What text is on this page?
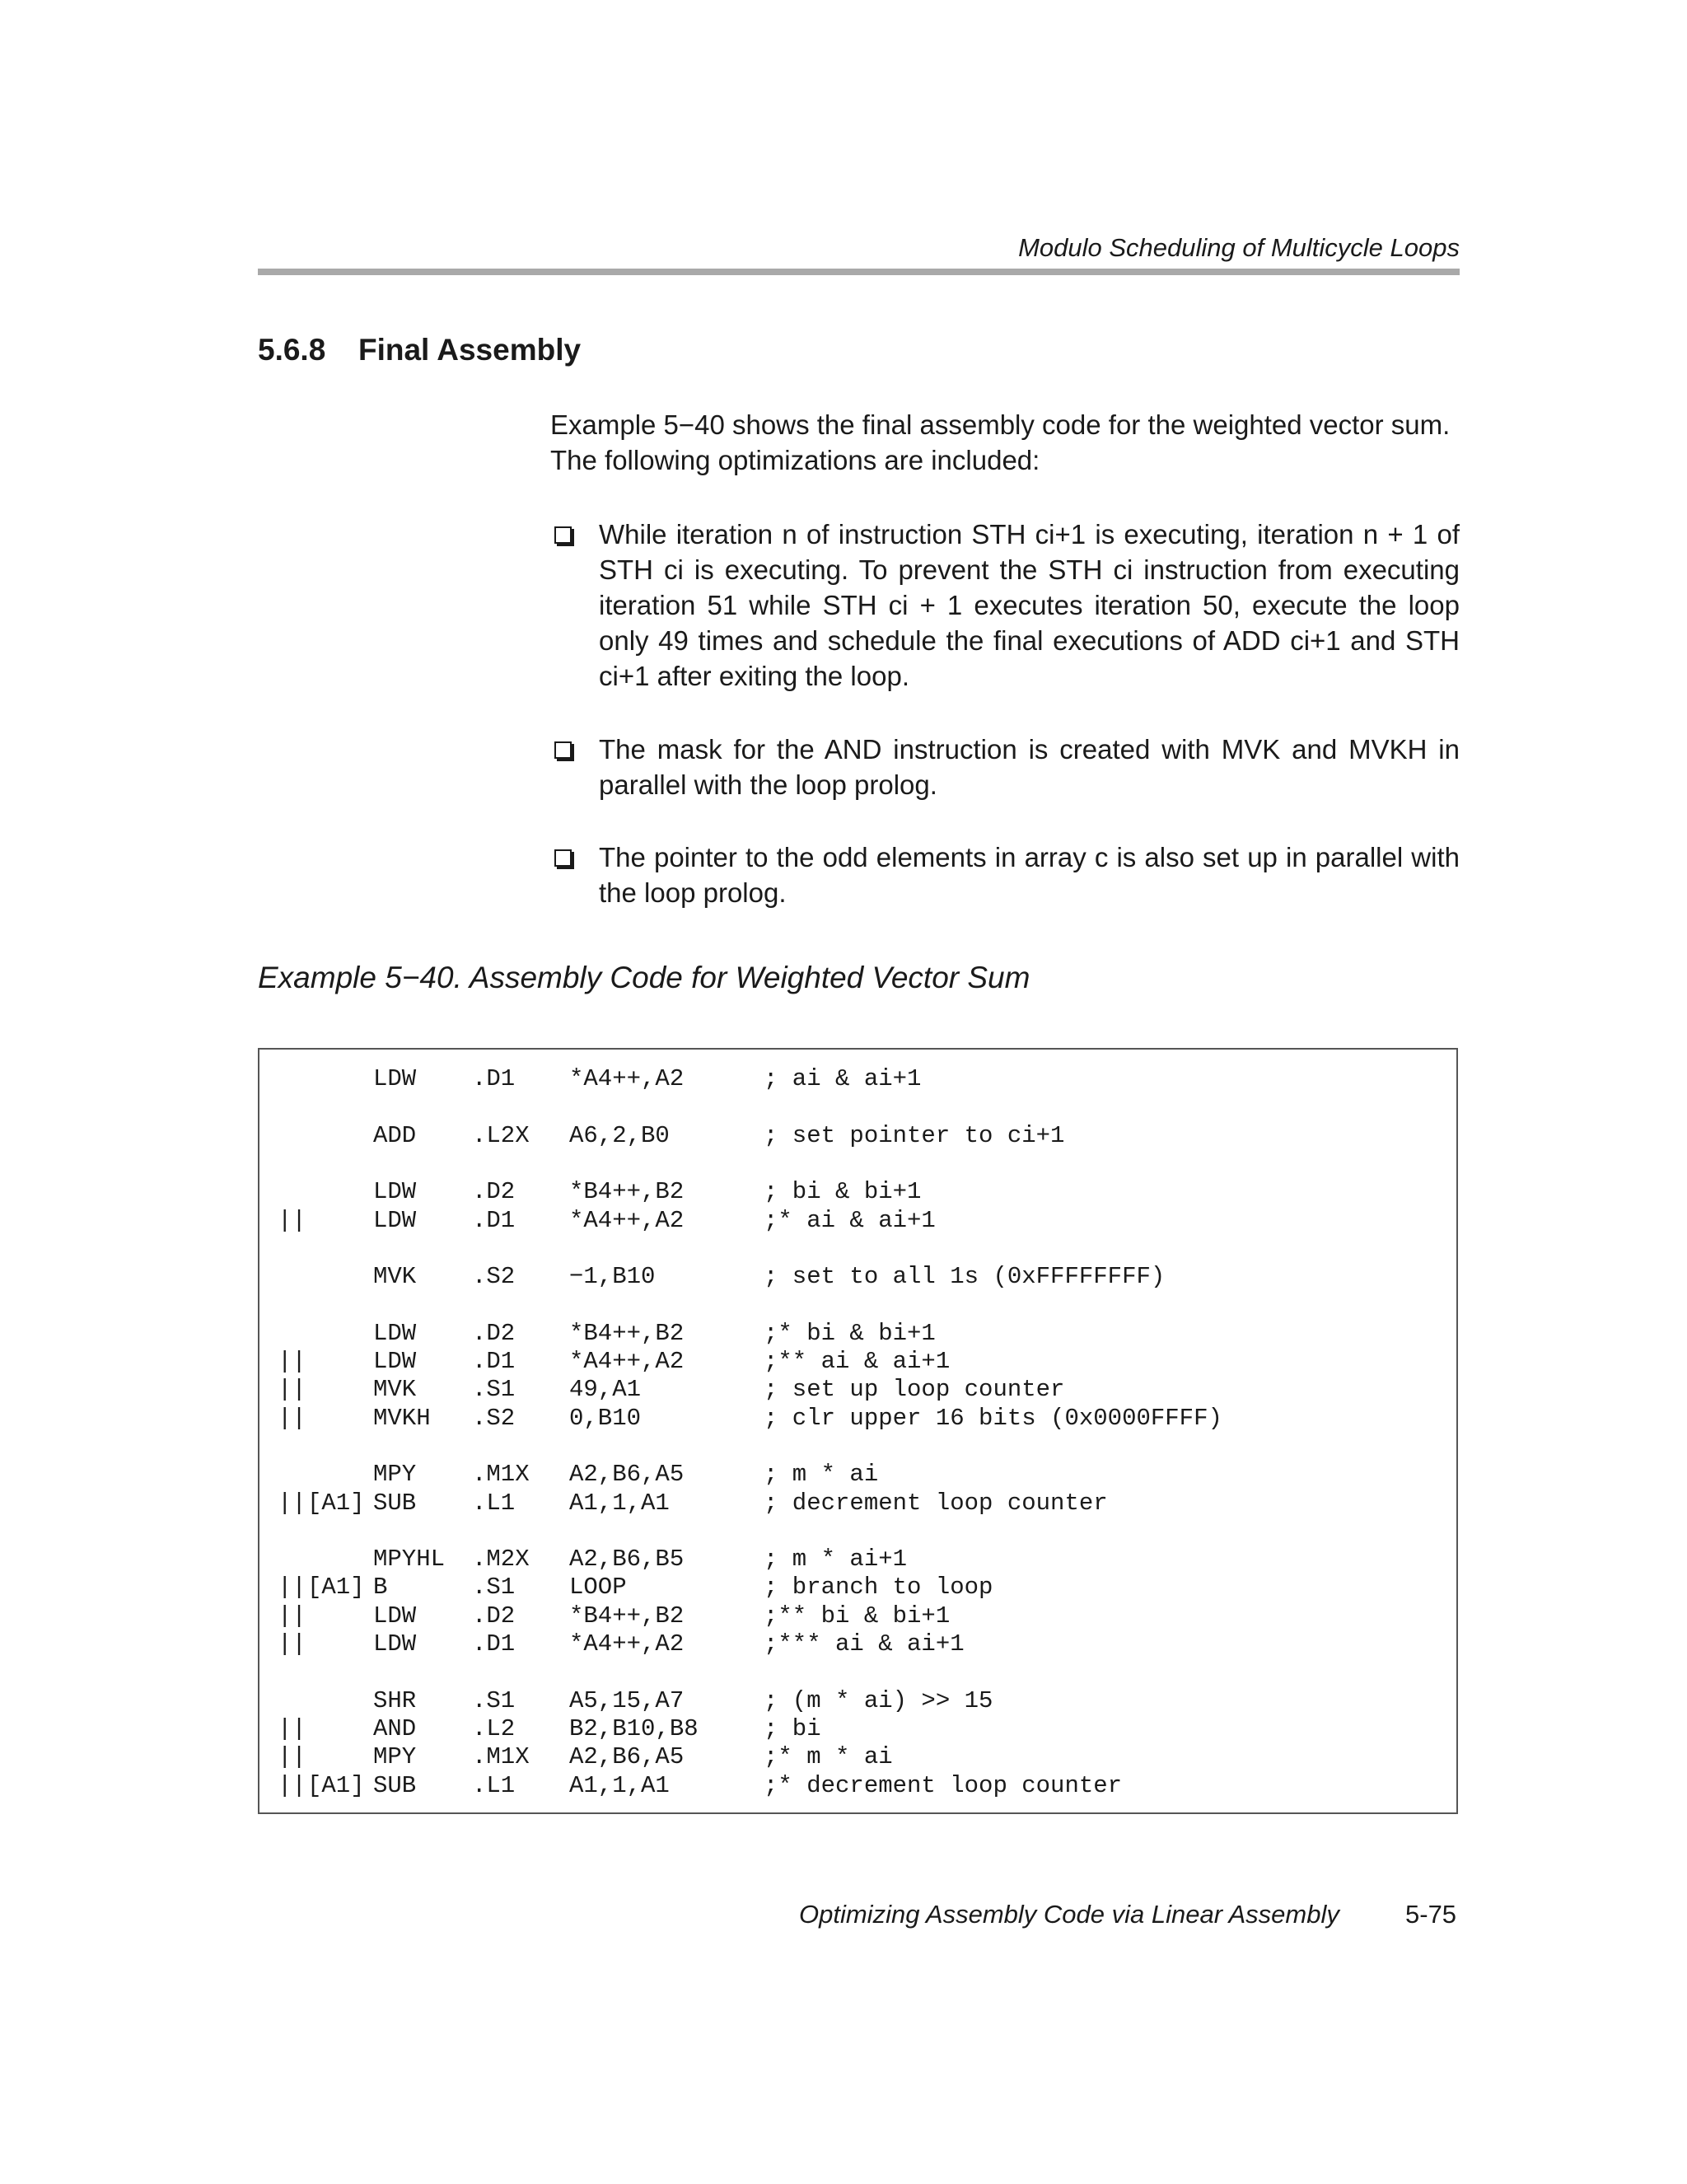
Modulo Scheduling of Multicycle Loops
5.6.8 Final Assembly
Example 5−40 shows the final assembly code for the weighted vector sum. The following optimizations are included:
While iteration n of instruction STH ci+1 is executing, iteration n + 1 of STH ci is executing. To prevent the STH ci instruction from executing iteration 51 while STH ci + 1 executes iteration 50, execute the loop only 49 times and schedule the final executions of ADD ci+1 and STH ci+1 after exiting the loop.
The mask for the AND instruction is created with MVK and MVKH in parallel with the loop prolog.
The pointer to the odd elements in array c is also set up in parallel with the loop prolog.
Example 5−40. Assembly Code for Weighted Vector Sum
LDW .D1 *A4++,A2	; ai & ai+1
ADD .L2X A6,2,B0	; set pointer to ci+1
LDW .D2 *B4++,B2	; bi & bi+1
||	LDW .D1 *A4++,A2	;* ai & ai+1
MVK .S2 −1,B10	; set to all 1s (0xFFFFFFFF)
LDW .D2 *B4++,B2	;* bi & bi+1
||	LDW .D1 *A4++,A2	;** ai & ai+1
||	MVK .S1 49,A1	; set up loop counter
||	MVKH .S2 0,B10	; clr upper 16 bits (0x0000FFFF)
MPY .M1X A2,B6,A5	; m * ai
|| [A1] SUB .L1 A1,1,A1	; decrement loop counter
MPYHL .M2X A2,B6,B5	; m * ai+1
|| [A1] B	.S1 LOOP	; branch to loop
||	LDW .D2 *B4++,B2	;** bi & bi+1
||	LDW .D1 *A4++,A2	;*** ai & ai+1
SHR .S1 A5,15,A7	; (m * ai) >> 15
||	AND .L2 B2,B10,B8	; bi
||	MPY .M1X A2,B6,A5	;* m * ai
|| [A1] SUB .L1 A1,1,A1	;* decrement loop counter
Optimizing Assembly Code via Linear Assembly	5-75
